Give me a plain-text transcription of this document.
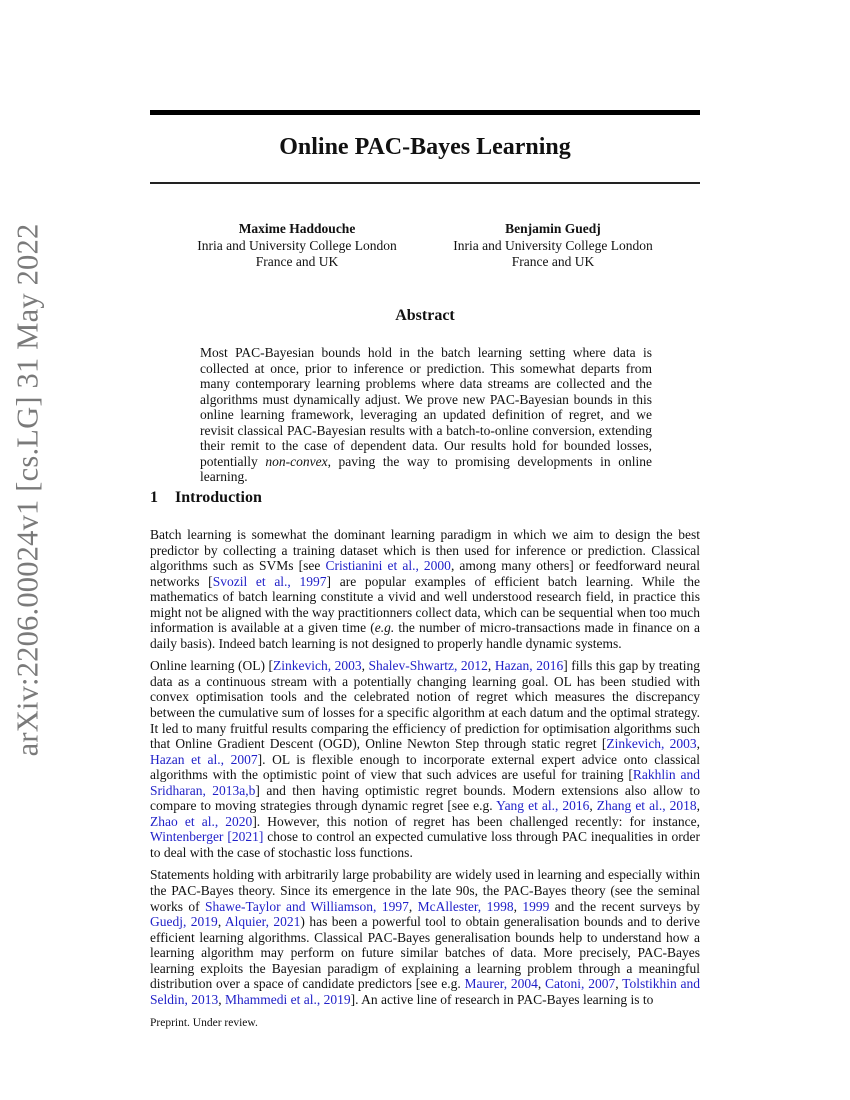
arXiv:2206.00024v1 [cs.LG] 31 May 2022
Online PAC-Bayes Learning
Maxime Haddouche
Inria and University College London
France and UK
Benjamin Guedj
Inria and University College London
France and UK
Abstract
Most PAC-Bayesian bounds hold in the batch learning setting where data is collected at once, prior to inference or prediction. This somewhat departs from many contemporary learning problems where data streams are collected and the algorithms must dynamically adjust. We prove new PAC-Bayesian bounds in this online learning framework, leveraging an updated definition of regret, and we revisit classical PAC-Bayesian results with a batch-to-online conversion, extending their remit to the case of dependent data. Our results hold for bounded losses, potentially non-convex, paving the way to promising developments in online learning.
1 Introduction

Batch learning is somewhat the dominant learning paradigm in which we aim to design the best predictor by collecting a training dataset which is then used for inference or prediction. Classical algorithms such as SVMs [see Cristianini et al., 2000, among many others] or feedforward neural networks [Svozil et al., 1997] are popular examples of efficient batch learning. While the mathematics of batch learning constitute a vivid and well understood research field, in practice this might not be aligned with the way practitionners collect data, which can be sequential when too much information is available at a given time (e.g. the number of micro-transactions made in finance on a daily basis). Indeed batch learning is not designed to properly handle dynamic systems.

Online learning (OL) [Zinkevich, 2003, Shalev-Shwartz, 2012, Hazan, 2016] fills this gap by treating data as a continuous stream with a potentially changing learning goal. OL has been studied with convex optimisation tools and the celebrated notion of regret which measures the discrepancy between the cumulative sum of losses for a specific algorithm at each datum and the optimal strategy. It led to many fruitful results comparing the efficiency of prediction for optimisation algorithms such that Online Gradient Descent (OGD), Online Newton Step through static regret [Zinkevich, 2003, Hazan et al., 2007]. OL is flexible enough to incorporate external expert advice onto classical algorithms with the optimistic point of view that such advices are useful for training [Rakhlin and Sridharan, 2013a,b] and then having optimistic regret bounds. Modern extensions also allow to compare to moving strategies through dynamic regret [see e.g. Yang et al., 2016, Zhang et al., 2018, Zhao et al., 2020]. However, this notion of regret has been challenged recently: for instance, Wintenberger [2021] chose to control an expected cumulative loss through PAC inequalities in order to deal with the case of stochastic loss functions.

Statements holding with arbitrarily large probability are widely used in learning and especially within the PAC-Bayes theory. Since its emergence in the late 90s, the PAC-Bayes theory (see the seminal works of Shawe-Taylor and Williamson, 1997, McAllester, 1998, 1999 and the recent surveys by Guedj, 2019, Alquier, 2021) has been a powerful tool to obtain generalisation bounds and to derive efficient learning algorithms. Classical PAC-Bayes generalisation bounds help to understand how a learning algorithm may perform on future similar batches of data. More precisely, PAC-Bayes learning exploits the Bayesian paradigm of explaining a learning problem through a meaningful distribution over a space of candidate predictors [see e.g. Maurer, 2004, Catoni, 2007, Tolstikhin and Seldin, 2013, Mhammedi et al., 2019]. An active line of research in PAC-Bayes learning is to

Preprint. Under review.
